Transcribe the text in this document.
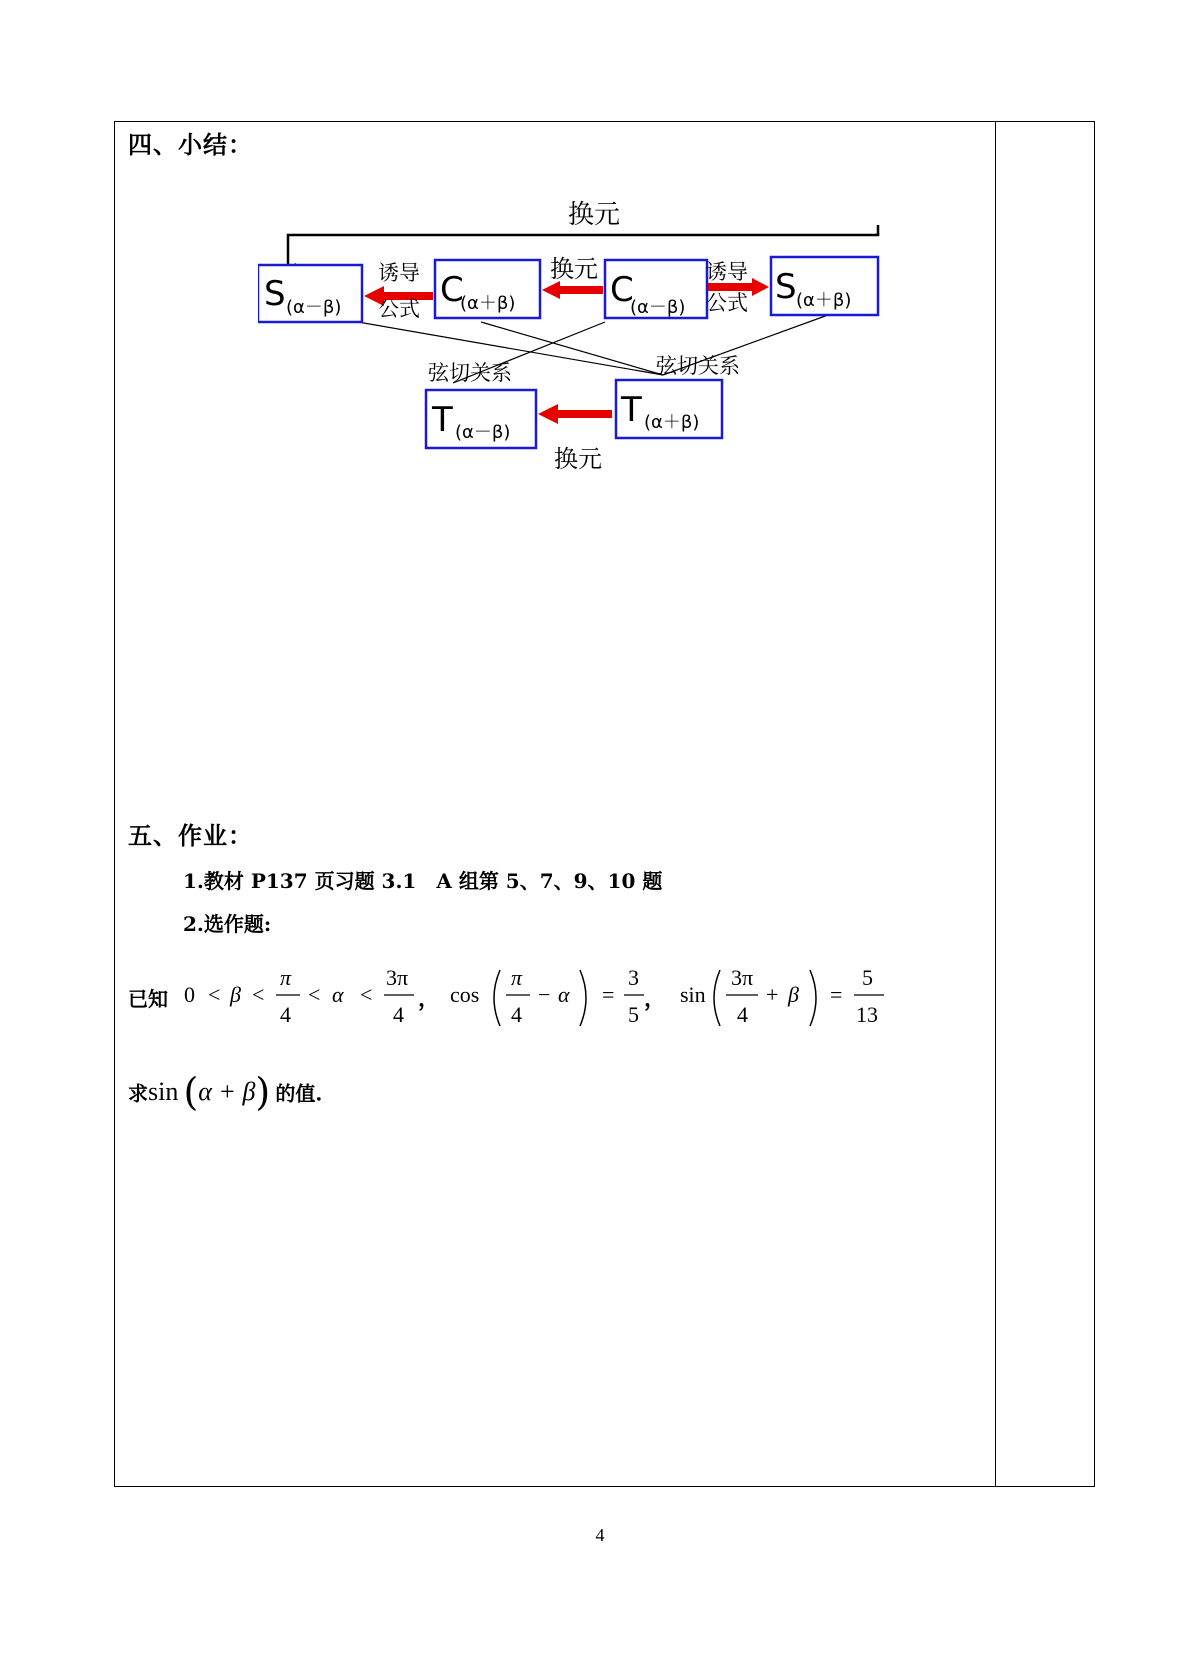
四、小结：
换元
S (α－β)	C
(α＋β)	C
(α－β)
S (α＋β)
T (α－β)
T (α＋β)
诱导
公式
换元	诱导
公式
弦切关系	弦切关系
换元
五、作业：
1.教材 P137 页习题 3.1　A 组第 5、7、9、10 题
2.选作题:
已知 0 < β <
π
4
< α <
3π
4
， cos
π
4
− α =
3
5
， sin
3π
4
+ β =
5
13
求sin (α + β) 的值.
4
